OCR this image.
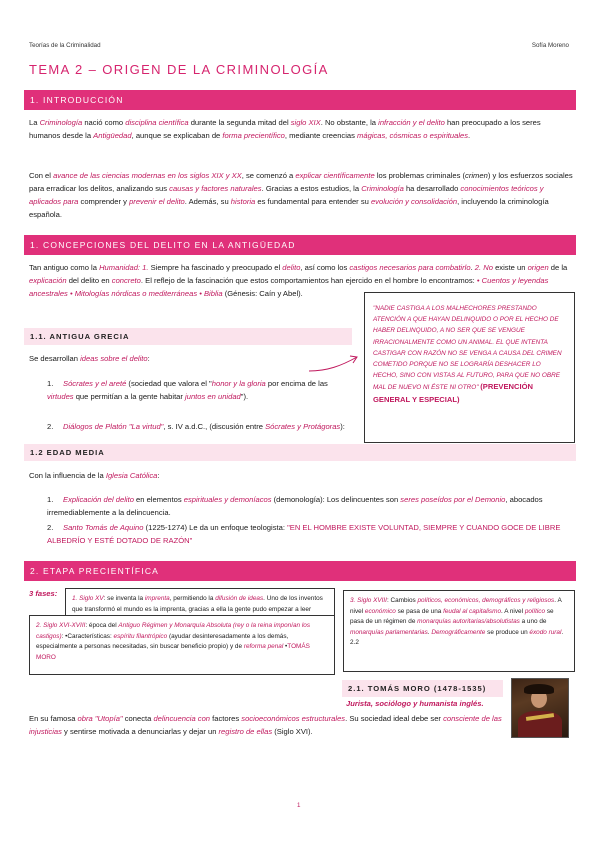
Teorías de la Criminalidad	Sofía Moreno
TEMA 2 – ORIGEN DE LA CRIMINOLOGÍA
1. INTRODUCCIÓN
La Criminología nació como disciplina científica durante la segunda mitad del siglo XIX. No obstante, la infracción y el delito han preocupado a los seres humanos desde la Antigüedad, aunque se explicaban de forma precientífico, mediante creencias mágicas, cósmicas o espirituales.
Con el avance de las ciencias modernas en los siglos XIX y XX, se comenzó a explicar científicamente los problemas criminales (crimen) y los esfuerzos sociales para erradicar los delitos, analizando sus causas y factores naturales. Gracias a estos estudios, la Criminología ha desarrollado conocimientos teóricos y aplicados para comprender y prevenir el delito. Además, su historia es fundamental para entender su evolución y consolidación, incluyendo la criminología española.
1. CONCEPCIONES DEL DELITO EN LA ANTIGÜEDAD
Tan antiguo como la Humanidad: 1. Siempre ha fascinado y preocupado el delito, así como los castigos necesarios para combatirlo. 2. No existe un origen de la explicación del delito en concreto. El reflejo de la fascinación que estos comportamientos han ejercido en el hombre lo encontramos: • Cuentos y leyendas ancestrales • Mitologías nórdicas o mediterráneas • Biblia (Génesis: Caín y Abel).
"NADIE CASTIGA A LOS MALHECHORES PRESTANDO ATENCIÓN A QUE HAYAN DELINQUIDO O POR EL HECHO DE HABER DELINQUIDO, A NO SER QUE SE VENGUE IRRACIONALMENTE COMO UN ANIMAL. EL QUE INTENTA CASTIGAR CON RAZÓN NO SE VENGA A CAUSA DEL CRIMEN COMETIDO PORQUE NO SE LOGRARÍA DESHACER LO HECHO, SINO CON VISTAS AL FUTURO, PARA QUE NO OBRE MAL DE NUEVO NI ÉSTE NI OTRO" (PREVENCIÓN GENERAL Y ESPECIAL)
1.1. ANTIGUA GRECIA
Se desarrollan ideas sobre el delito:
1. Sócrates y el areté (sociedad que valora el "honor y la gloria por encima de las virtudes que permitían a la gente habitar juntos en unidad").
2. Diálogos de Platón "La virtud", s. IV a.d.C., (discusión entre Sócrates y Protágoras):
1.2 EDAD MEDIA
Con la influencia de la Iglesia Católica:
1. Explicación del delito en elementos espirituales y demoníacos (demonología): Los delincuentes son seres poseídos por el Demonio, abocados irremediablemente a la delincuencia.
2. Santo Tomás de Aquino (1225-1274) Le da un enfoque teologista: "EN EL HOMBRE EXISTE VOLUNTAD, SIEMPRE Y CUANDO GOCE DE LIBRE ALBEDRÍO Y ESTÉ DOTADO DE RAZÓN"
2. ETAPA PRECIENTÍFICA
3 fases:
1. Siglo XV: se inventa la imprenta, permitiendo la difusión de ideas. Uno de los inventos que transformó el mundo es la imprenta, gracias a ella la gente pudo empezar a leer
2. Siglo XVI-XVIII: época del Antiguo Régimen y Monarquía Absoluta (rey o la reina imponían los castigos): •Características: espíritu filantrópico (ayudar desinteresadamente a los demás, especialmente a personas necesitadas, sin buscar beneficio propio) y de reforma penal •TOMÁS MORO
3. Siglo XVIII: Cambios políticos, económicos, demográficos y religiosos. A nivel económico se pasa de una feudal al capitalismo. A nivel político se pasa de un régimen de monarquías autoritarias/absolutistas a uno de monarquías parlamentarias. Demográficamente se produce un éxodo rural. 2.2
2.1. TOMÁS MORO (1478-1535)
Jurista, sociólogo y humanista inglés.
En su famosa obra "Utopía" conecta delincuencia con factores socioeconómicos estructurales. Su sociedad ideal debe ser consciente de las injusticias y sentirse motivada a denunciarlas y dejar un registro de ellas (Siglo XVI).
1
